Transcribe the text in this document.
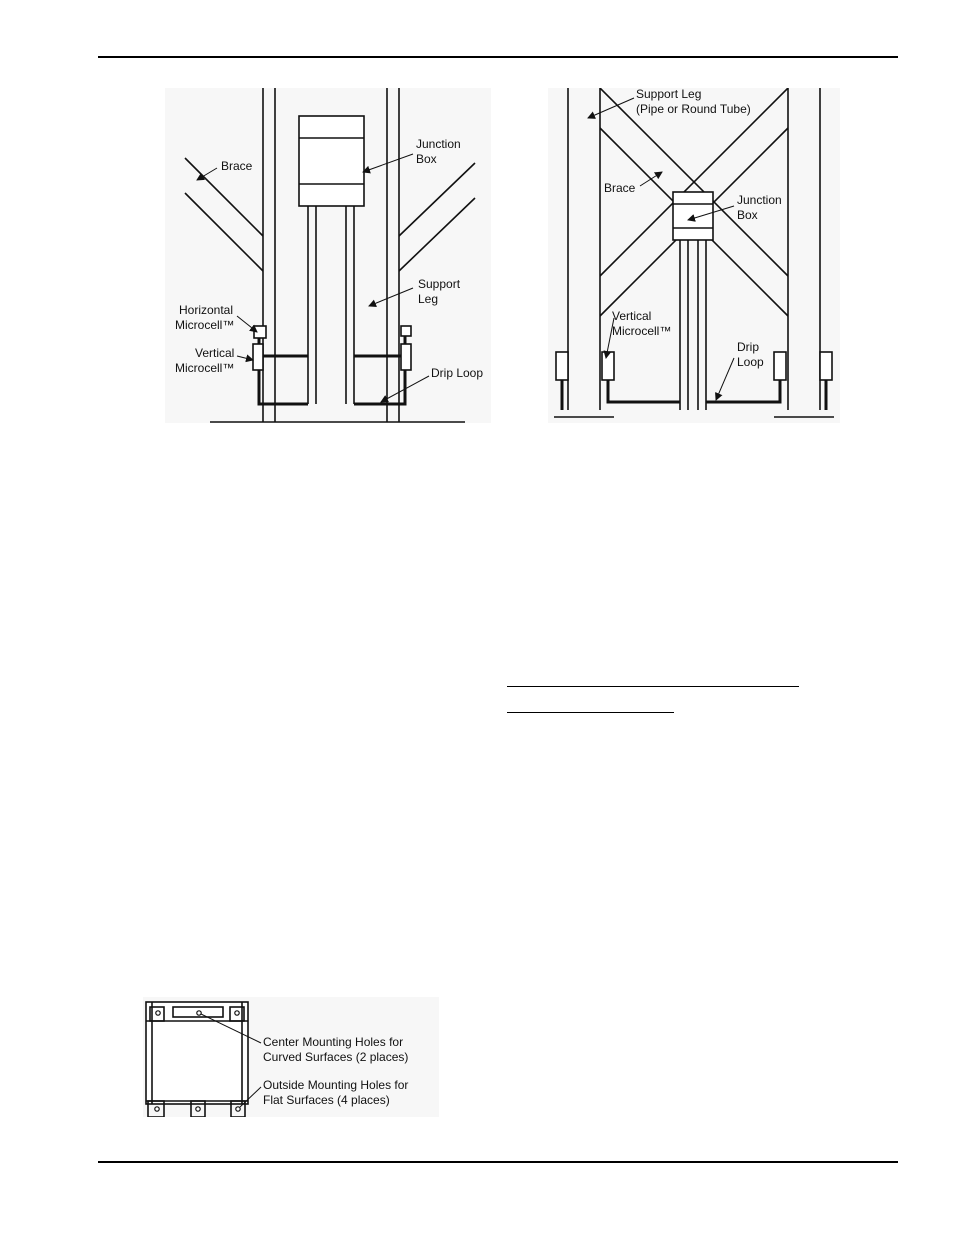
Brace
Junction
Box
Support
Leg
Horizontal
Microcell™
Vertical
Microcell™	Drip Loop
Support Leg
(Pipe or Round Tube)
Brace
Junction
Box
Vertical
Microcell™
Drip
Loop
Center Mounting Holes for
Curved Surfaces (2 places)
Outside Mounting Holes for
Flat Surfaces (4 places)
